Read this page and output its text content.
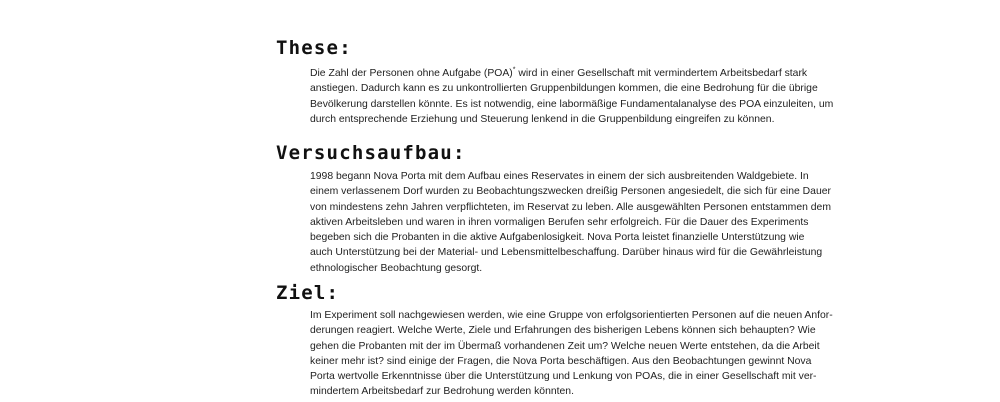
These:

Die Zahl der Personen ohne Aufgabe (POA)* wird in einer Gesellschaft mit vermindertem Arbeitsbedarf stark
anstiegen. Dadurch kann es zu unkontrollierten Gruppenbildungen kommen, die eine Bedrohung für die übrige
Bevölkerung darstellen könnte. Es ist notwendig, eine labormäßige Fundamentalanalyse des POA einzuleiten, um
durch entsprechende Erziehung und Steuerung lenkend in die Gruppenbildung eingreifen zu können.

Versuchsaufbau:

1998 begann Nova Porta mit dem Aufbau eines Reservates in einem der sich ausbreitenden Waldgebiete. In
einem verlassenem Dorf wurden zu Beobachtungszwecken dreißig Personen angesiedelt, die sich für eine Dauer
von mindestens zehn Jahren verpflichteten, im Reservat zu leben. Alle ausgewählten Personen entstammen dem
aktiven Arbeitsleben und waren in ihren vormaligen Berufen sehr erfolgreich. Für die Dauer des Experiments
begeben sich die Probanten in die aktive Aufgabenlosigkeit. Nova Porta leistet finanzielle Unterstützung wie
auch Unterstützung bei der Material- und Lebensmittelbeschaffung. Darüber hinaus wird für die Gewährleistung
ethnologischer Beobachtung gesorgt.

Ziel:

Im Experiment soll nachgewiesen werden, wie eine Gruppe von erfolgsorientierten Personen auf die neuen Anfor-
derungen reagiert. Welche Werte, Ziele und Erfahrungen des bisherigen Lebens können sich behaupten? Wie
gehen die Probanten mit der im Übermaß vorhandenen Zeit um? Welche neuen Werte entstehen, da die Arbeit
keiner mehr ist? sind einige der Fragen, die Nova Porta beschäftigen. Aus den Beobachtungen gewinnt Nova
Porta wertvolle Erkenntnisse über die Unterstützung und Lenkung von POAs, die in einer Gesellschaft mit ver-
mindertem Arbeitsbedarf zur Bedrohung werden könnten.
